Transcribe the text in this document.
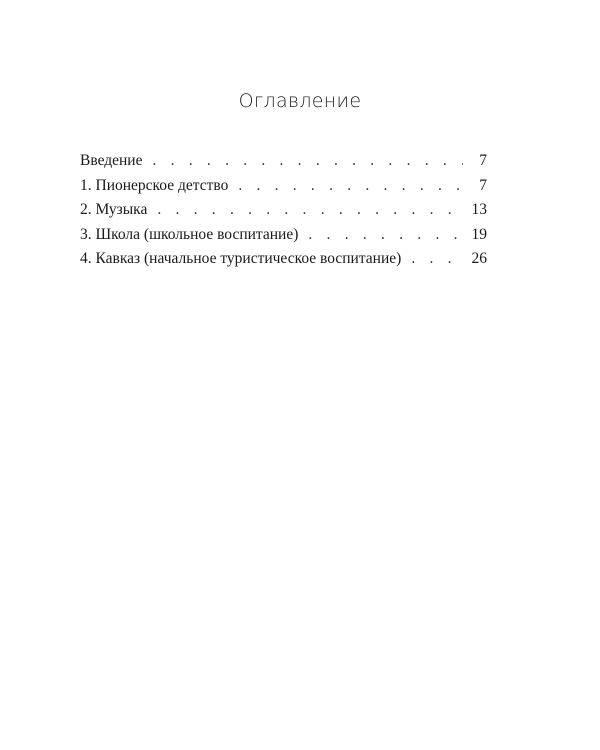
Оглавление
Введение . . .	7
1. Пионерское детство . . .	7
2. Музыка . . .	13
3. Школа (школьное воспитание) . . .	19
4. Кавказ (начальное туристическое воспитание) . . .	26
